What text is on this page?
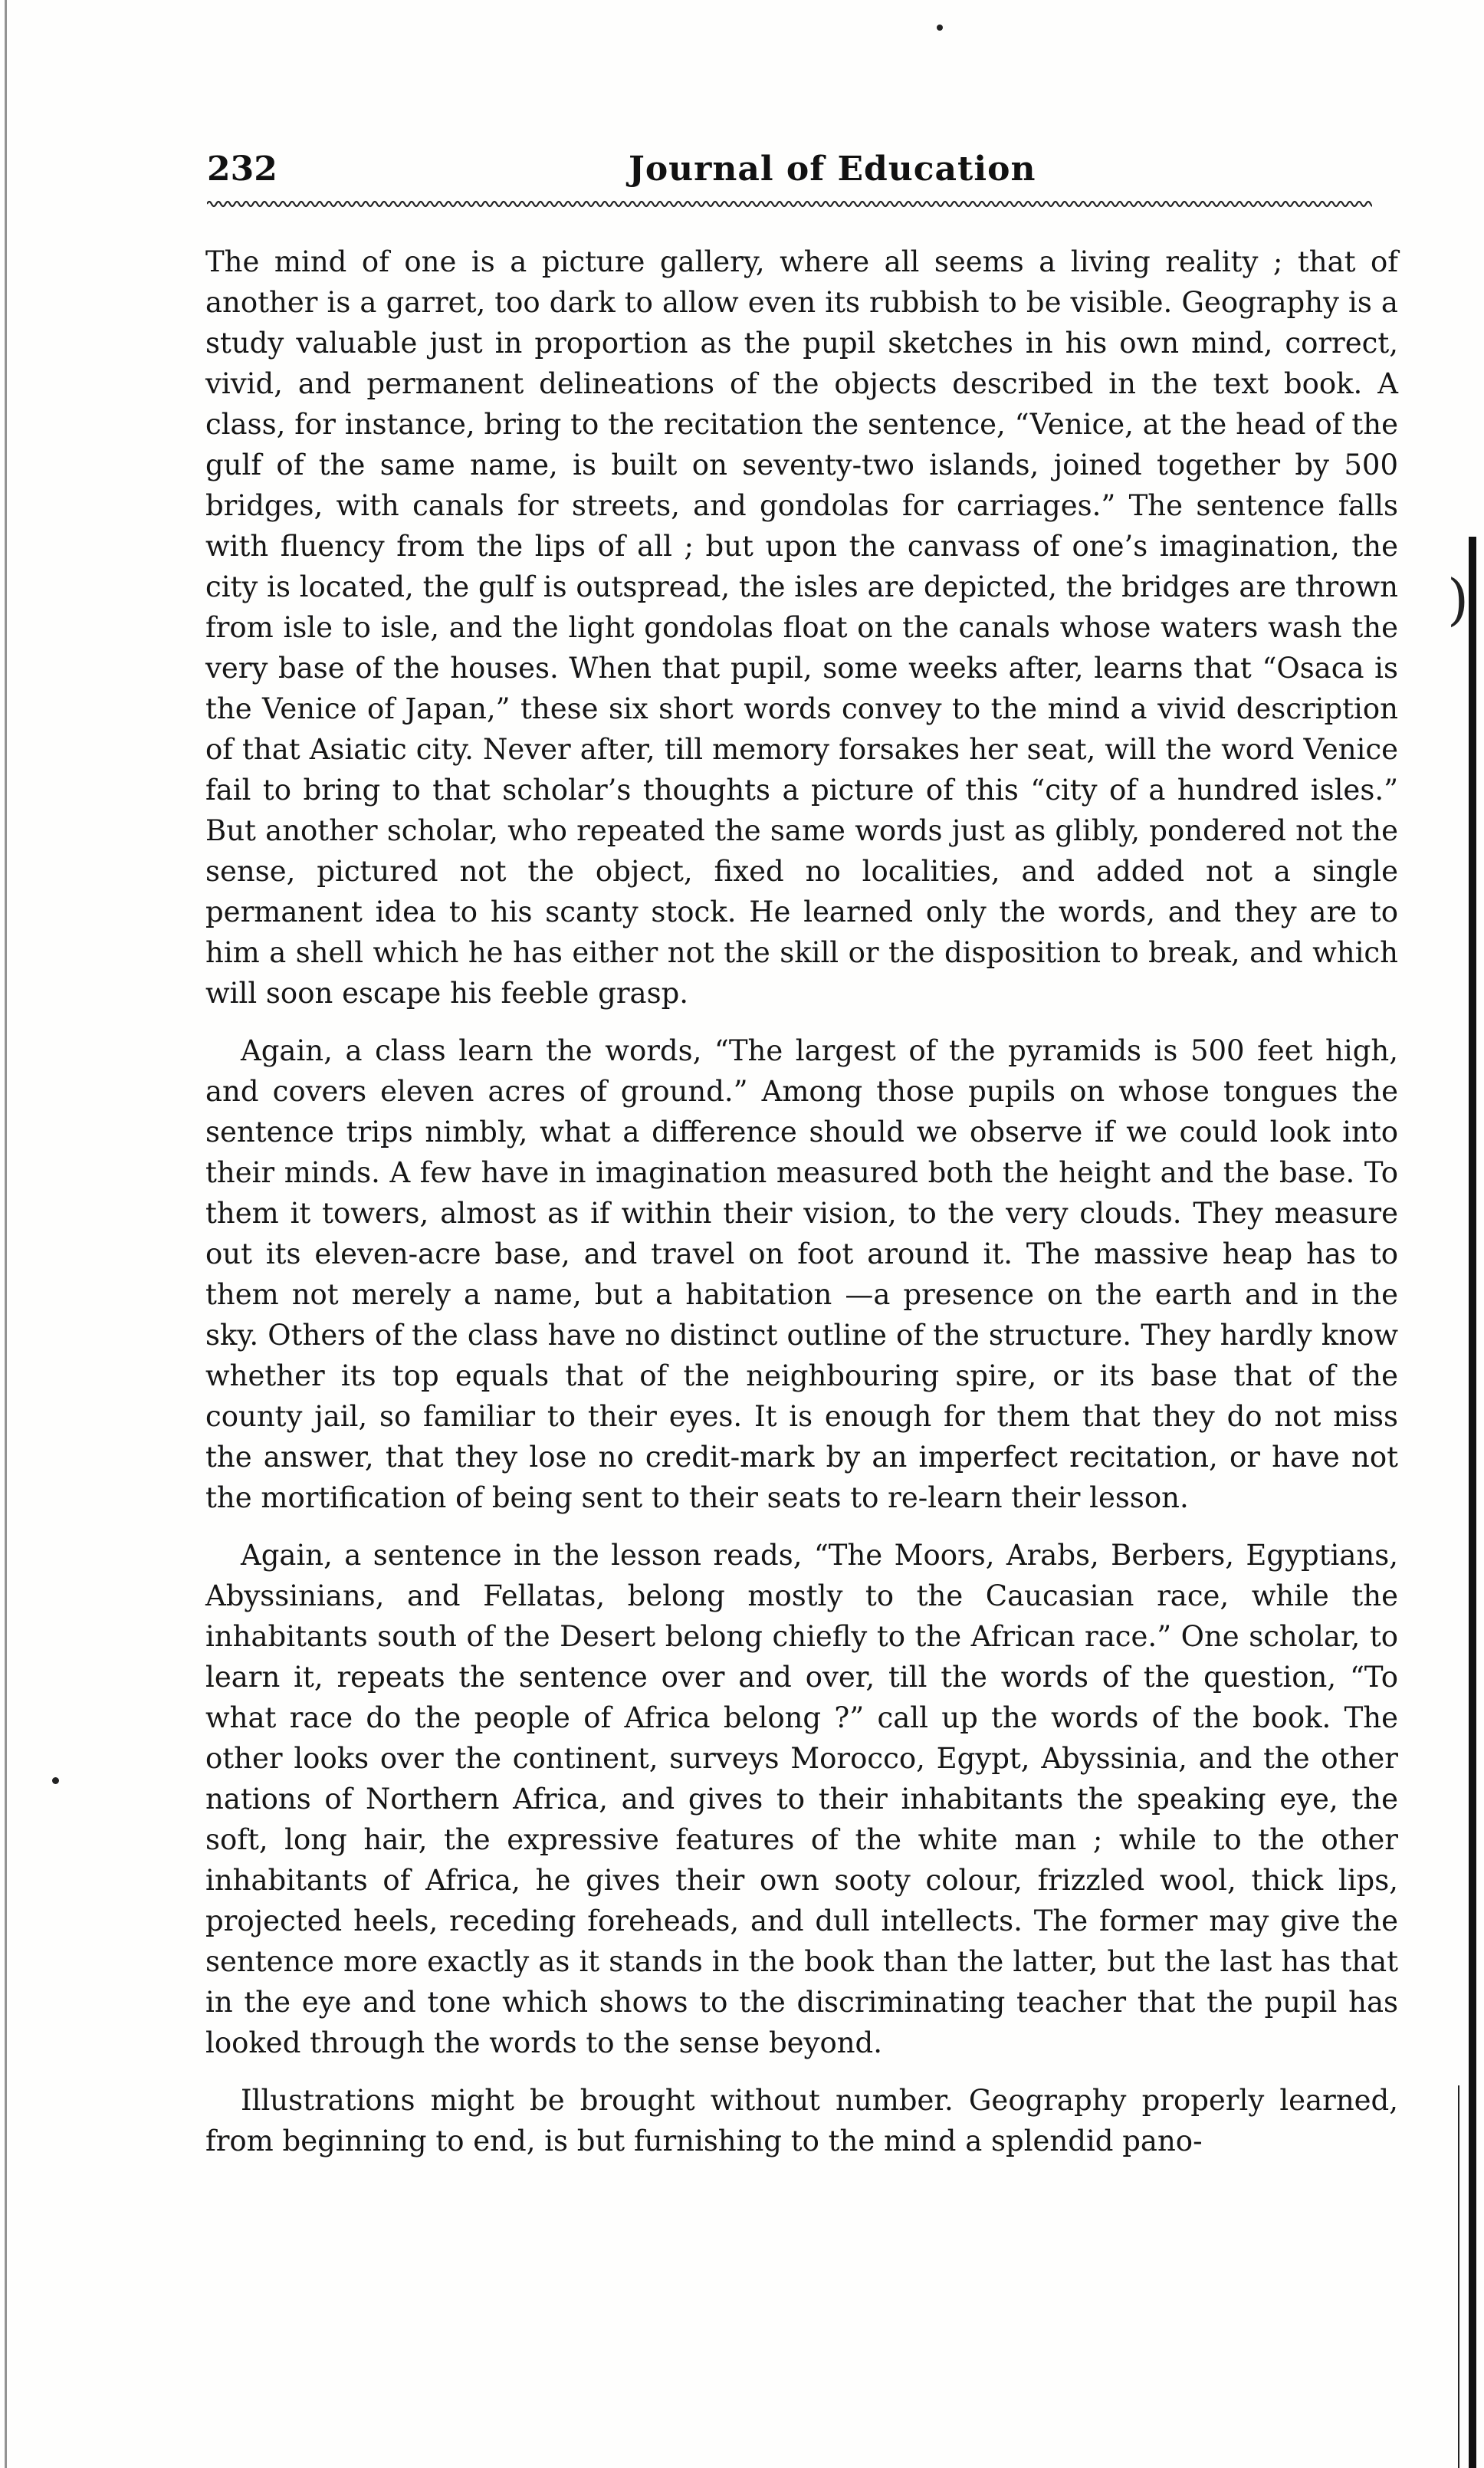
)
232	Journal of Education

The mind of one is a picture gallery, where all seems a living reality ; that of another is a garret, too dark to allow even its rubbish to be visible. Geography is a study valuable just in proportion as the pupil sketches in his own mind, correct, vivid, and permanent delineations of the objects described in the text book. A class, for instance, bring to the recitation the sentence, “Venice, at the head of the gulf of the same name, is built on seventy-two islands, joined together by 500 bridges, with canals for streets, and gondolas for carriages.” The sentence falls with fluency from the lips of all ; but upon the canvass of one’s imagination, the city is located, the gulf is outspread, the isles are depicted, the bridges are thrown from isle to isle, and the light gondolas float on the canals whose waters wash the very base of the houses. When that pupil, some weeks after, learns that “Osaca is the Venice of Japan,” these six short words convey to the mind a vivid description of that Asiatic city. Never after, till memory forsakes her seat, will the word Venice fail to bring to that scholar’s thoughts a picture of this “city of a hundred isles.” But another scholar, who repeated the same words just as glibly, pondered not the sense, pictured not the object, fixed no localities, and added not a single permanent idea to his scanty stock. He learned only the words, and they are to him a shell which he has either not the skill or the disposition to break, and which will soon escape his feeble grasp.

Again, a class learn the words, “The largest of the pyramids is 500 feet high, and covers eleven acres of ground.” Among those pupils on whose tongues the sentence trips nimbly, what a difference should we observe if we could look into their minds. A few have in imagination measured both the height and the base. To them it towers, almost as if within their vision, to the very clouds. They measure out its eleven-acre base, and travel on foot around it. The massive heap has to them not merely a name, but a habitation —a presence on the earth and in the sky. Others of the class have no distinct outline of the structure. They hardly know whether its top equals that of the neighbouring spire, or its base that of the county jail, so familiar to their eyes. It is enough for them that they do not miss the answer, that they lose no credit-mark by an imperfect recitation, or have not the mortification of being sent to their seats to re-learn their lesson.

Again, a sentence in the lesson reads, “The Moors, Arabs, Berbers, Egyptians, Abyssinians, and Fellatas, belong mostly to the Caucasian race, while the inhabitants south of the Desert belong chiefly to the African race.” One scholar, to learn it, repeats the sentence over and over, till the words of the question, “To what race do the people of Africa belong ?” call up the words of the book. The other looks over the continent, surveys Morocco, Egypt, Abyssinia, and the other nations of Northern Africa, and gives to their inhabitants the speaking eye, the soft, long hair, the expressive features of the white man ; while to the other inhabitants of Africa, he gives their own sooty colour, frizzled wool, thick lips, projected heels, receding foreheads, and dull intellects. The former may give the sentence more exactly as it stands in the book than the latter, but the last has that in the eye and tone which shows to the discriminating teacher that the pupil has looked through the words to the sense beyond.

Illustrations might be brought without number. Geography properly learned, from beginning to end, is but furnishing to the mind a splendid pano-
